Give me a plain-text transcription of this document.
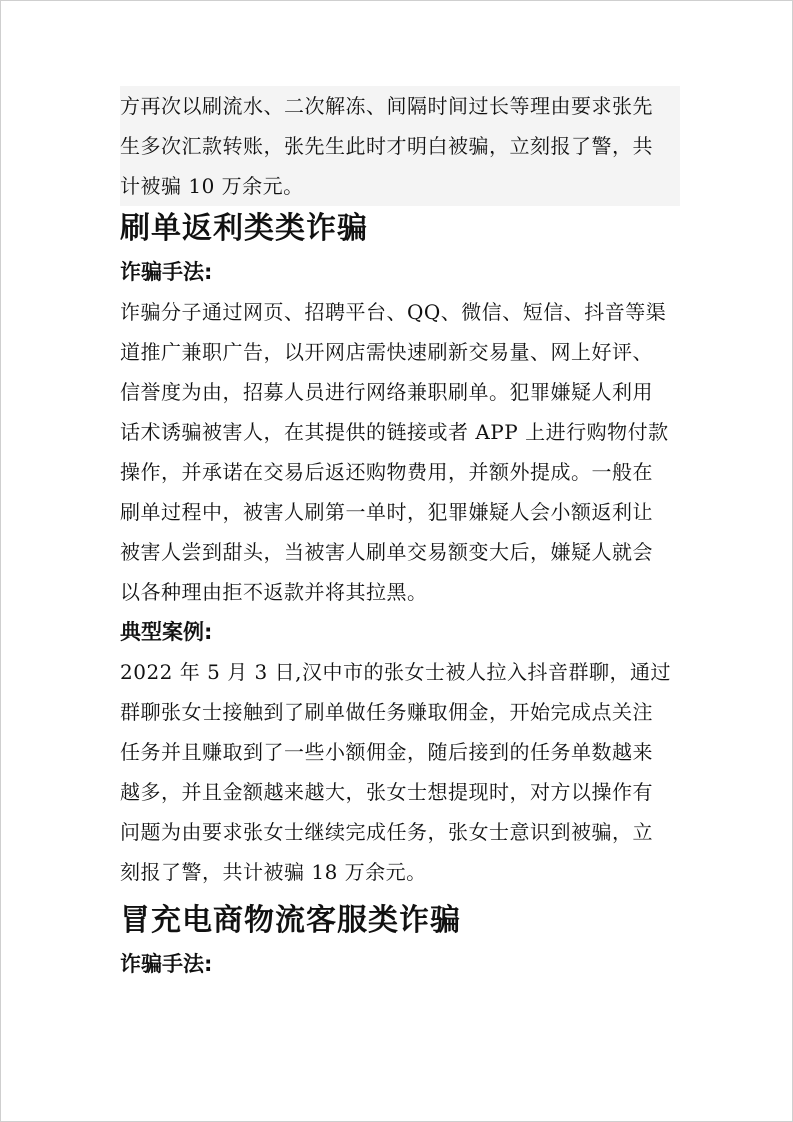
方再次以刷流水、二次解冻、间隔时间过长等理由要求张先
生多次汇款转账，张先生此时才明白被骗，立刻报了警，共
计被骗 10 万余元。
刷单返利类类诈骗
诈骗手法:
诈骗分子通过网页、招聘平台、QQ、微信、短信、抖音等渠
道推广兼职广告，以开网店需快速刷新交易量、网上好评、
信誉度为由，招募人员进行网络兼职刷单。犯罪嫌疑人利用
话术诱骗被害人，在其提供的链接或者 APP 上进行购物付款
操作，并承诺在交易后返还购物费用，并额外提成。一般在
刷单过程中，被害人刷第一单时，犯罪嫌疑人会小额返利让
被害人尝到甜头，当被害人刷单交易额变大后，嫌疑人就会
以各种理由拒不返款并将其拉黑。
典型案例:
2022 年 5 月 3 日,汉中市的张女士被人拉入抖音群聊，通过
群聊张女士接触到了刷单做任务赚取佣金，开始完成点关注
任务并且赚取到了一些小额佣金，随后接到的任务单数越来
越多，并且金额越来越大，张女士想提现时，对方以操作有
问题为由要求张女士继续完成任务，张女士意识到被骗，立
刻报了警，共计被骗 18 万余元。
冒充电商物流客服类诈骗
诈骗手法:
